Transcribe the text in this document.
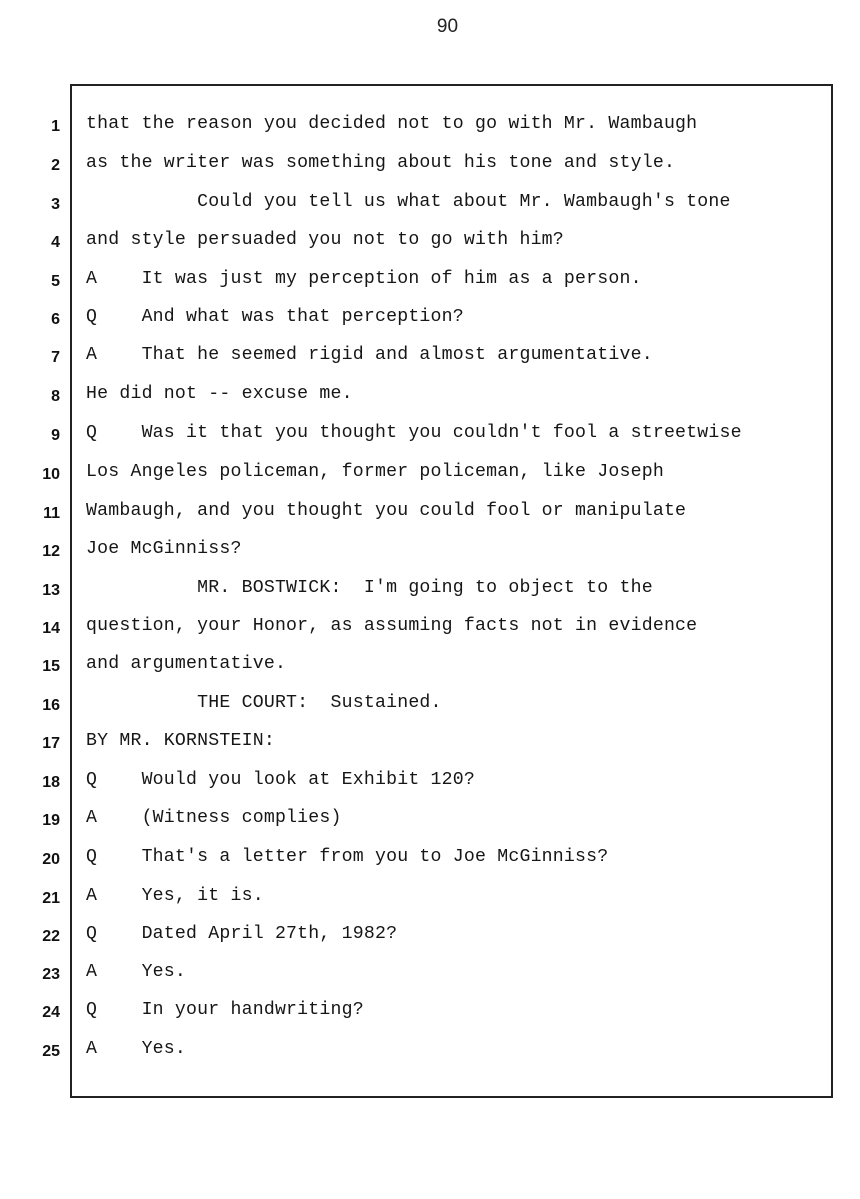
90
1 that the reason you decided not to go with Mr. Wambaugh
2 as the writer was something about his tone and style.
3 Could you tell us what about Mr. Wambaugh's tone
4 and style persuaded you not to go with him?
5 A    It was just my perception of him as a person.
6 Q    And what was that perception?
7 A    That he seemed rigid and almost argumentative.
8 He did not -- excuse me.
9 Q    Was it that you thought you couldn't fool a streetwise
10 Los Angeles policeman, former policeman, like Joseph
11 Wambaugh, and you thought you could fool or manipulate
12 Joe McGinniss?
13 MR. BOSTWICK:  I'm going to object to the
14 question, your Honor, as assuming facts not in evidence
15 and argumentative.
16 THE COURT:  Sustained.
17 BY MR. KORNSTEIN:
18 Q    Would you look at Exhibit 120?
19 A    (Witness complies)
20 Q    That's a letter from you to Joe McGinniss?
21 A    Yes, it is.
22 Q    Dated April 27th, 1982?
23 A    Yes.
24 Q    In your handwriting?
25 A    Yes.
